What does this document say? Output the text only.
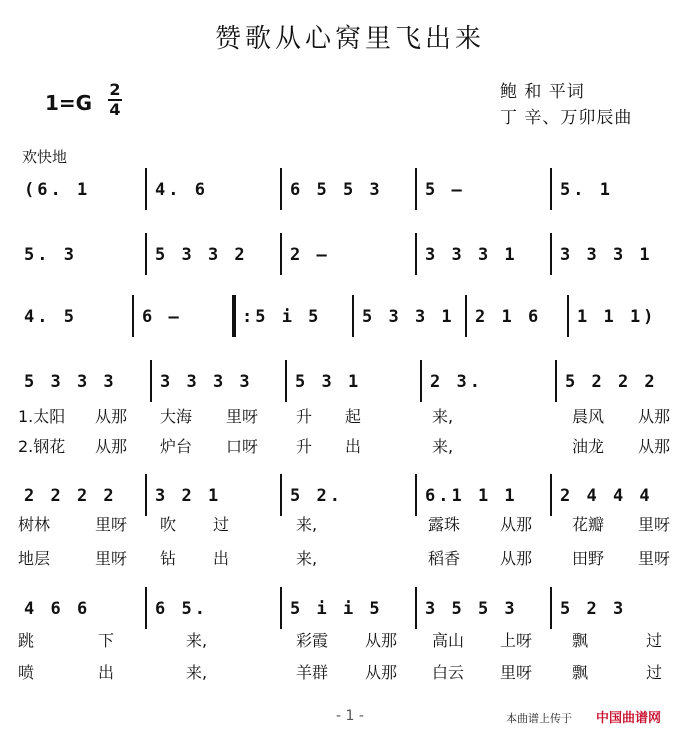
赞歌从心窝里飞出来
1=G
2
4
鲍 和 平词
丁 辛、万卯辰曲
欢快地
(6. 1	4. 6	6 5 5 3 5 —	5. 1
5. 3	5 3 3 2 2 —	3 3 3 1 3 3 3 1
4. 5	6 —	:5 i 5 5 3 3 1 2 1 6 1 1 1)
5 3 3 3	3 3 3 3 5 3 1	2 3.	5 2 2 2
2 2 2 2 3 2 1	5 2.	6.1 1 1 2 4 4 4
4 6 6	6 5.	5 i i 5 3 5 5 3 5 2 3
1.太阳 从那 大海 里呀 升 起	来,	晨风 从那
2.钢花 从那 炉台 口呀 升 出	来,	油龙 从那
树林	里呀 吹 过	来,	露珠 从那 花瓣 里呀
地层	里呀 钻 出	来,	稻香 从那 田野 里呀
跳	下	来,	彩霞 从那 高山 上呀 飘	过
喷	出	来,	羊群 从那 白云 里呀 飘	过
- 1 -	本曲谱上传于 中国曲谱网
